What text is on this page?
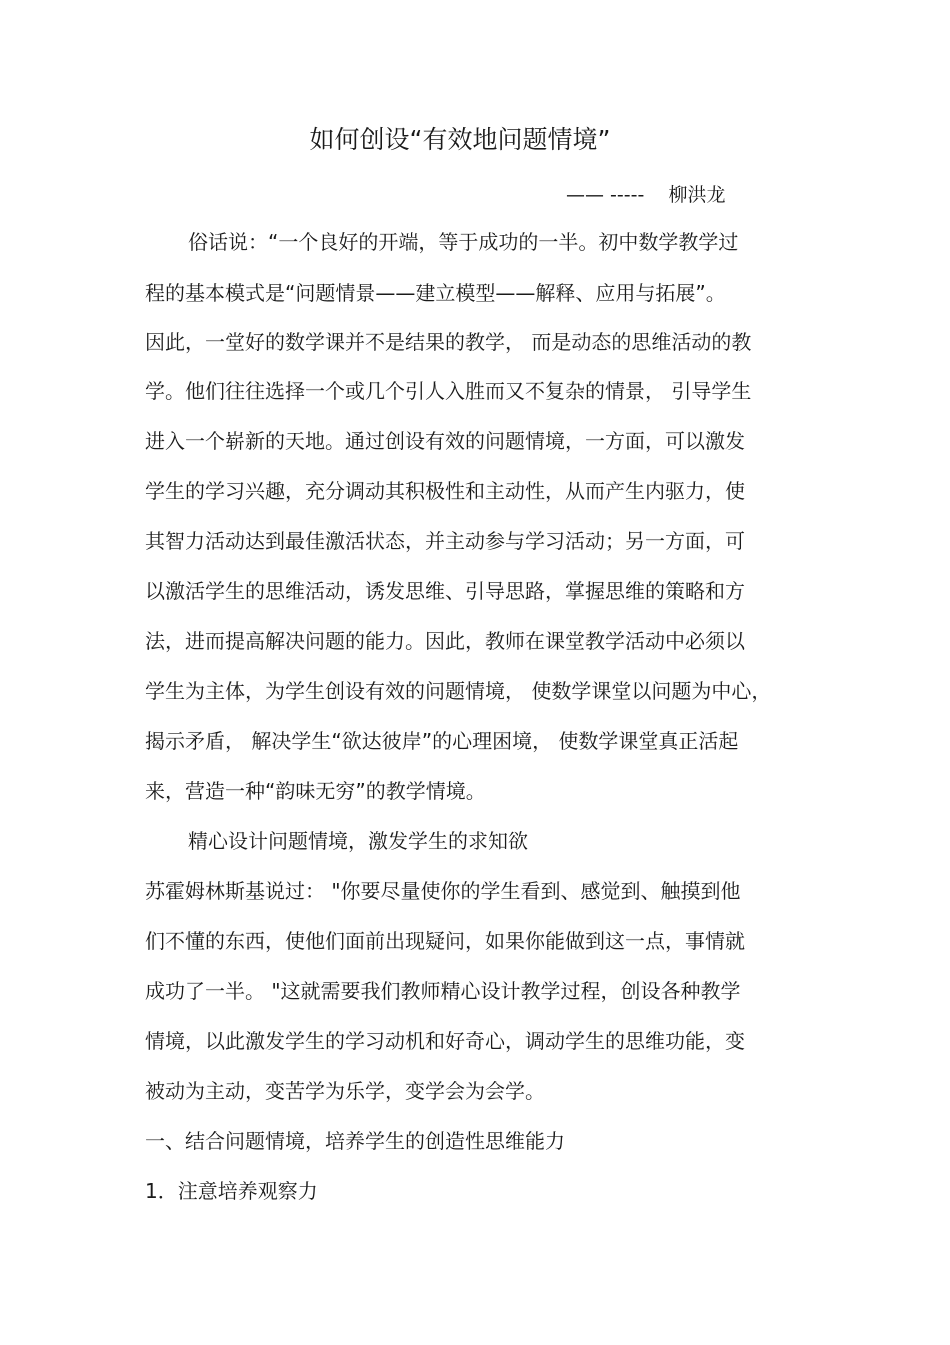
如何创设“有效地问题情境”
—— -----    柳洪龙
俗话说：“一个良好的开端，等于成功的一半。初中数学教学过
程的基本模式是“问题情景——建立模型——解释、应用与拓展”。
因此，一堂好的数学课并不是结果的教学， 而是动态的思维活动的教
学。他们往往选择一个或几个引人入胜而又不复杂的情景， 引导学生
进入一个崭新的天地。通过创设有效的问题情境，一方面，可以激发
学生的学习兴趣，充分调动其积极性和主动性，从而产生内驱力，使
其智力活动达到最佳激活状态，并主动参与学习活动；另一方面，可
以激活学生的思维活动，诱发思维、引导思路，掌握思维的策略和方
法，进而提高解决问题的能力。因此，教师在课堂教学活动中必须以
学生为主体，为学生创设有效的问题情境， 使数学课堂以问题为中心，
揭示矛盾， 解决学生“欲达彼岸”的心理困境， 使数学课堂真正活起
来，营造一种“韵味无穷”的教学情境。
精心设计问题情境，激发学生的求知欲
苏霍姆林斯基说过： "你要尽量使你的学生看到、感觉到、触摸到他
们不懂的东西，使他们面前出现疑问，如果你能做到这一点，事情就
成功了一半。 "这就需要我们教师精心设计教学过程，创设各种教学
情境，以此激发学生的学习动机和好奇心，调动学生的思维功能，变
被动为主动，变苦学为乐学，变学会为会学。
一、结合问题情境，培养学生的创造性思维能力
1．注意培养观察力
